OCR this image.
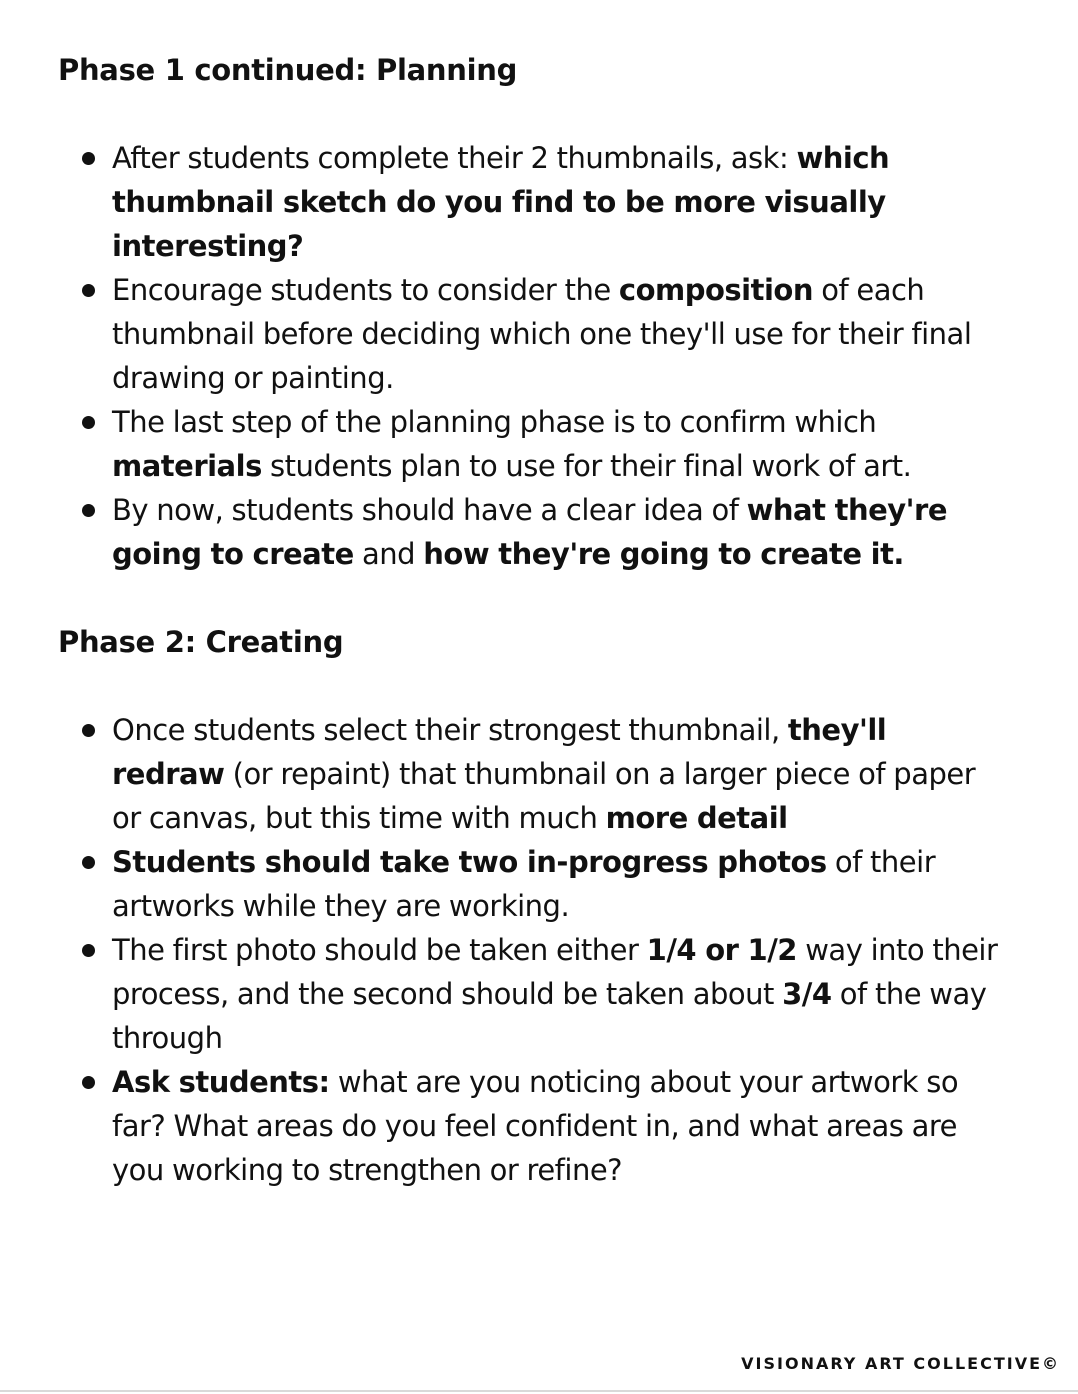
Phase 1 continued: Planning
After students complete their 2 thumbnails, ask: which thumbnail sketch do you find to be more visually interesting?
Encourage students to consider the composition of each thumbnail before deciding which one they'll use for their final drawing or painting.
The last step of the planning phase is to confirm which materials students plan to use for their final work of art.
By now, students should have a clear idea of what they're going to create and how they're going to create it.
Phase 2: Creating
Once students select their strongest thumbnail, they'll redraw (or repaint) that thumbnail on a larger piece of paper or canvas, but this time with much more detail
Students should take two in-progress photos of their artworks while they are working.
The first photo should be taken either 1/4 or 1/2 way into their process, and the second should be taken about 3/4 of the way through
Ask students: what are you noticing about your artwork so far? What areas do you feel confident in, and what areas are you working to strengthen or refine?
VISIONARY ART COLLECTIVE©
